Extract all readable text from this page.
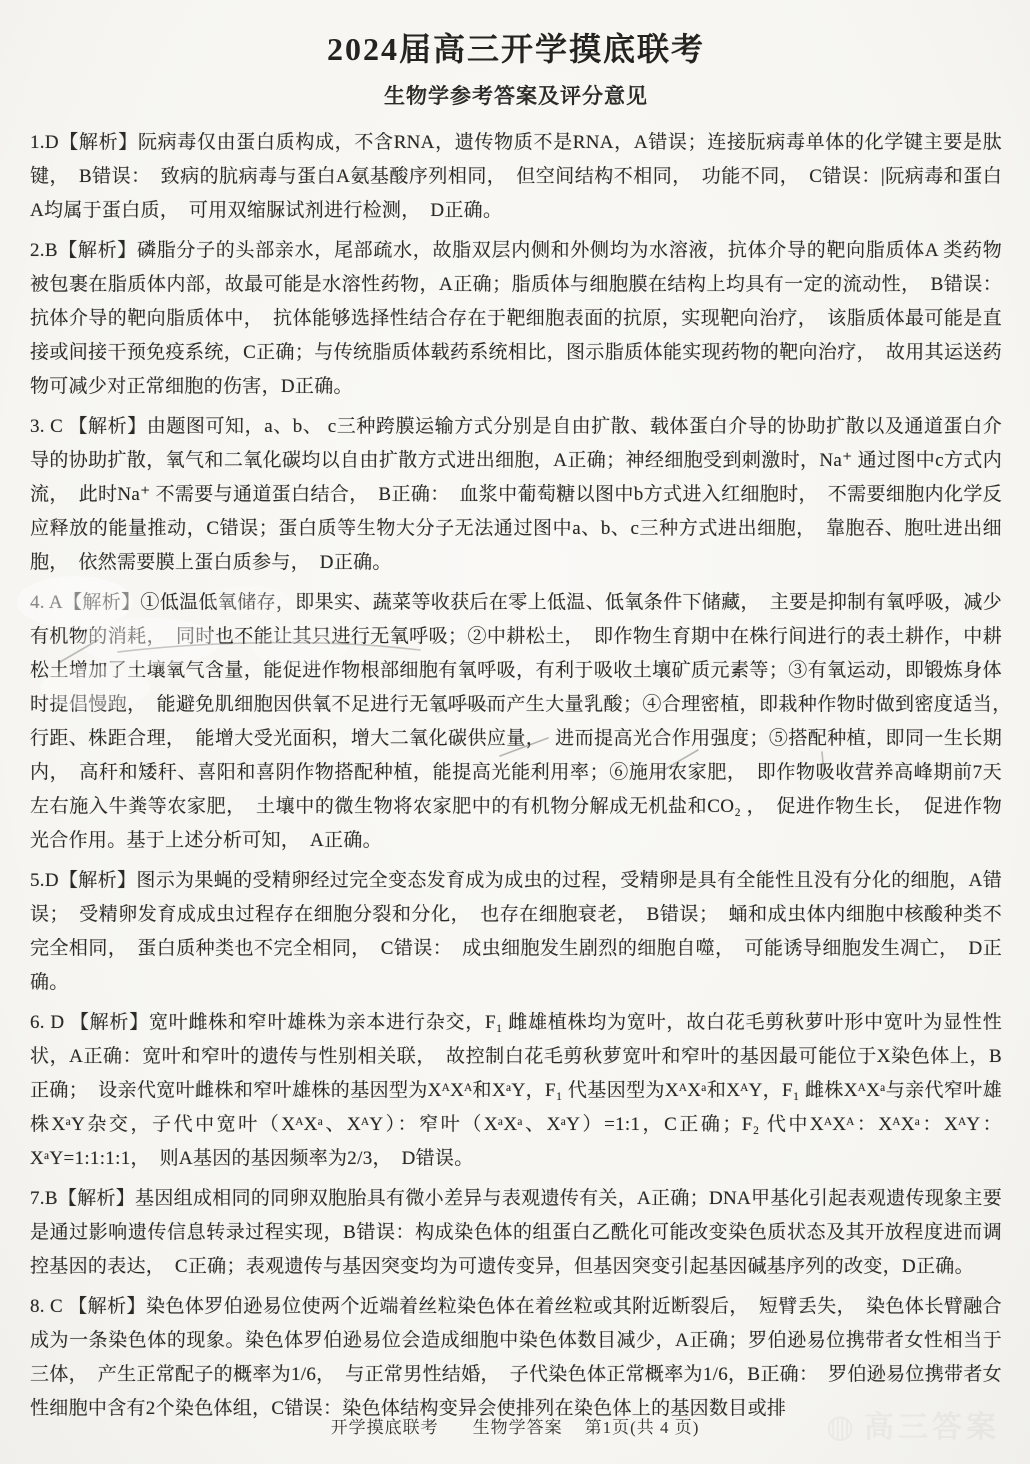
2024届高三开学摸底联考
生物学参考答案及评分意见

1.D【解析】阮病毒仅由蛋白质构成，不含RNA，遗传物质不是RNA，A错误；连接朊病毒单体的化学键主要是肽键，　B错误：　致病的肮病毒与蛋白A氨基酸序列相同，　但空间结构不相同，　功能不同，　C错误：|阮病毒和蛋白A均属于蛋白质，　可用双缩脲试剂进行检测，　D正确。

2.B【解析】磷脂分子的头部亲水，尾部疏水，故脂双层内侧和外侧均为水溶液，抗体介导的靶向脂质体A 类药物被包裹在脂质体内部，故最可能是水溶性药物，A正确；脂质体与细胞膜在结构上均具有一定的流动性，　B错误：抗体介导的靶向脂质体中，　抗体能够选择性结合存在于靶细胞表面的抗原，实现靶向治疗，　该脂质体最可能是直接或间接干预免疫系统，C正确；与传统脂质体载药系统相比，图示脂质体能实现药物的靶向治疗，　故用其运送药物可减少对正常细胞的伤害，D正确。

3. C 【解析】由题图可知，a、b、 c三种跨膜运输方式分别是自由扩散、载体蛋白介导的协助扩散以及通道蛋白介导的协助扩散，氧气和二氧化碳均以自由扩散方式进出细胞，A正确；神经细胞受到刺激时，Na⁺ 通过图中c方式内流，　此时Na⁺ 不需要与通道蛋白结合，　B正确：　血浆中葡萄糖以图中b方式进入红细胞时，　不需要细胞内化学反应释放的能量推动，C错误；蛋白质等生物大分子无法通过图中a、b、c三种方式进出细胞，　靠胞吞、胞吐进出细胞，　依然需要膜上蛋白质参与，　D正确。

4. A【解析】①低温低氧储存，即果实、蔬菜等收获后在零上低温、低氧条件下储藏，　主要是抑制有氧呼吸，减少有机物的消耗，　同时也不能让其只进行无氧呼吸；②中耕松土，　即作物生育期中在株行间进行的表土耕作，中耕松土增加了土壤氧气含量，能促进作物根部细胞有氧呼吸，有利于吸收土壤矿质元素等；③有氧运动，即锻炼身体时提倡慢跑，　能避免肌细胞因供氧不足进行无氧呼吸而产生大量乳酸；④合理密植，即栽种作物时做到密度适当，　行距、株距合理，　能增大受光面积，增大二氧化碳供应量，　进而提高光合作用强度；⑤搭配种植，即同一生长期内，　高秆和矮秆、喜阳和喜阴作物搭配种植，能提高光能利用率；⑥施用农家肥，　即作物吸收营养高峰期前7天左右施入牛粪等农家肥，　土壤中的微生物将农家肥中的有机物分解成无机盐和CO₂ ，　促进作物生长，　促进作物光合作用。基于上述分析可知，　A正确。

5.D【解析】图示为果蝇的受精卵经过完全变态发育成为成虫的过程，受精卵是具有全能性且没有分化的细胞，A错误；　受精卵发育成成虫过程存在细胞分裂和分化，　也存在细胞衰老，　B错误；　蛹和成虫体内细胞中核酸种类不完全相同，　蛋白质种类也不完全相同，　C错误：　成虫细胞发生剧烈的细胞自噬，　可能诱导细胞发生凋亡，　D正确。

6. D 【解析】宽叶雌株和窄叶雄株为亲本进行杂交，F₁ 雌雄植株均为宽叶，故白花毛剪秋萝叶形中宽叶为显性性状，A正确：宽叶和窄叶的遗传与性别相关联，　故控制白花毛剪秋萝宽叶和窄叶的基因最可能位于X染色体上，B正确；　设亲代宽叶雌株和窄叶雄株的基因型为XᴬXᴬ和XᵃY，F₁ 代基因型为XᴬXᵃ和XᴬY，F₁ 雌株XᴬXᵃ与亲代窄叶雄株XᵃY杂交，子代中宽叶（XᴬXᵃ、XᴬY）：窄叶（XᵃXᵃ、XᵃY）=1:1，C正确；F₂ 代中XᴬXᴬ：XᴬXᵃ：XᴬY：XᵃY=1:1:1:1，　则A基因的基因频率为2/3，　D错误。

7.B【解析】基因组成相同的同卵双胞胎具有微小差异与表观遗传有关，A正确；DNA甲基化引起表观遗传现象主要是通过影响遗传信息转录过程实现，B错误：构成染色体的组蛋白乙酰化可能改变染色质状态及其开放程度进而调控基因的表达，　C正确；表观遗传与基因突变均为可遗传变异，但基因突变引起基因碱基序列的改变，D正确。

8. C 【解析】染色体罗伯逊易位使两个近端着丝粒染色体在着丝粒或其附近断裂后，　短臂丢失，　染色体长臂融合成为一条染色体的现象。染色体罗伯逊易位会造成细胞中染色体数目减少，A正确；罗伯逊易位携带者女性相当于三体，　产生正常配子的概率为1/6，　与正常男性结婚，　子代染色体正常概率为1/6，B正确：　罗伯逊易位携带者女性细胞中含有2个染色体组，C错误：染色体结构变异会使排列在染色体上的基因数目或排

开学摸底联考 生物学答案 第1页(共 4 页)	◍ 高三答案
